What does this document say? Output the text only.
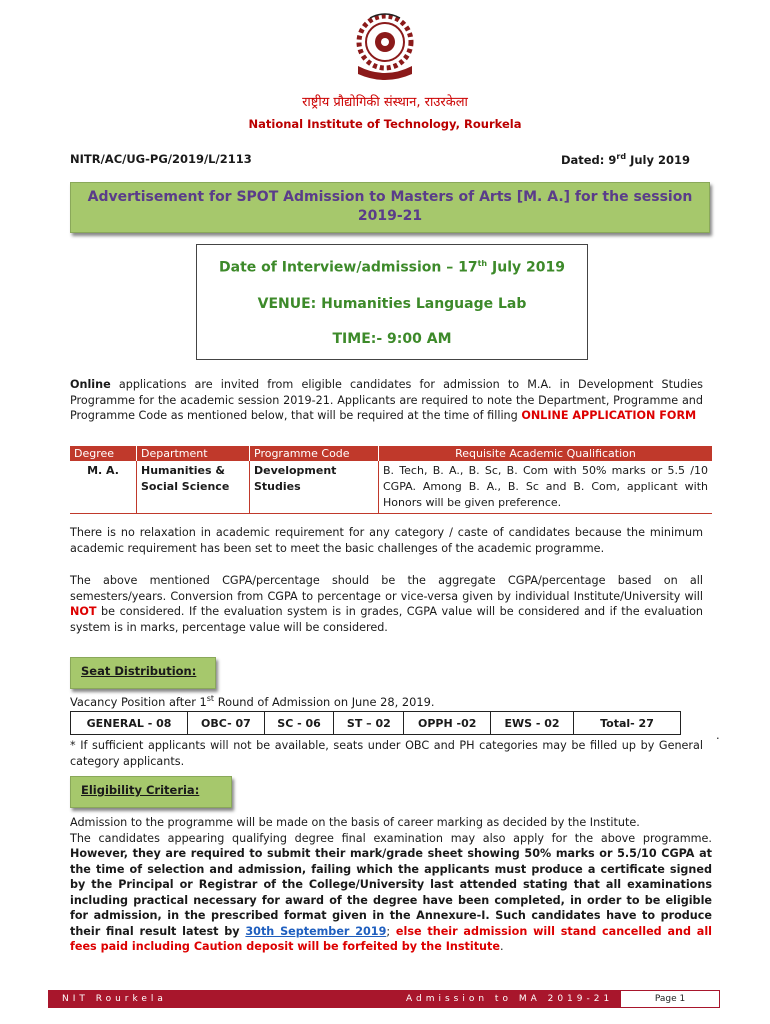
राष्ट्रीय प्रौद्योगिकी संस्थान, राउरकेला
National Institute of Technology, Rourkela
NITR/AC/UG-PG/2019/L/2113	Dated: 9rd July 2019
Advertisement for SPOT Admission to Masters of Arts [M. A.] for the session
2019-21
Date of Interview/admission – 17th July 2019
VENUE: Humanities Language Lab
TIME:- 9:00 AM
Online applications are invited from eligible candidates for admission to M.A. in Development Studies Programme for the academic session 2019-21. Applicants are required to note the Department, Programme and Programme Code as mentioned below, that will be required at the time of filling ONLINE APPLICATION FORM
Degree	Department	Programme Code	Requisite Academic Qualification
M. A.	Humanities & Social Science	Development Studies	B. Tech, B. A., B. Sc, B. Com with 50% marks or 5.5 /10 CGPA. Among B. A., B. Sc and B. Com, applicant with Honors will be given preference.
There is no relaxation in academic requirement for any category / caste of candidates because the minimum academic requirement has been set to meet the basic challenges of the academic programme.
The above mentioned CGPA/percentage should be the aggregate CGPA/percentage based on all semesters/years. Conversion from CGPA to percentage or vice-versa given by individual Institute/University will NOT be considered. If the evaluation system is in grades, CGPA value will be considered and if the evaluation system is in marks, percentage value will be considered.
Seat Distribution:
Vacancy Position after 1st Round of Admission on June 28, 2019.
GENERAL - 08	OBC- 07	SC - 06	ST – 02	OPPH -02	EWS - 02	Total- 27
.
* If sufficient applicants will not be available, seats under OBC and PH categories may be filled up by General category applicants.
Eligibility Criteria:
Admission to the programme will be made on the basis of career marking as decided by the Institute.
The candidates appearing qualifying degree final examination may also apply for the above programme. However, they are required to submit their mark/grade sheet showing 50% marks or 5.5/10 CGPA at the time of selection and admission, failing which the applicants must produce a certificate signed by the Principal or Registrar of the College/University last attended stating that all examinations including practical necessary for award of the degree have been completed, in order to be eligible for admission, in the prescribed format given in the Annexure-I. Such candidates have to produce their final result latest by 30th September 2019; else their admission will stand cancelled and all fees paid including Caution deposit will be forfeited by the Institute.
NIT Rourkela	Admission to MA 2019-21	Page 1
